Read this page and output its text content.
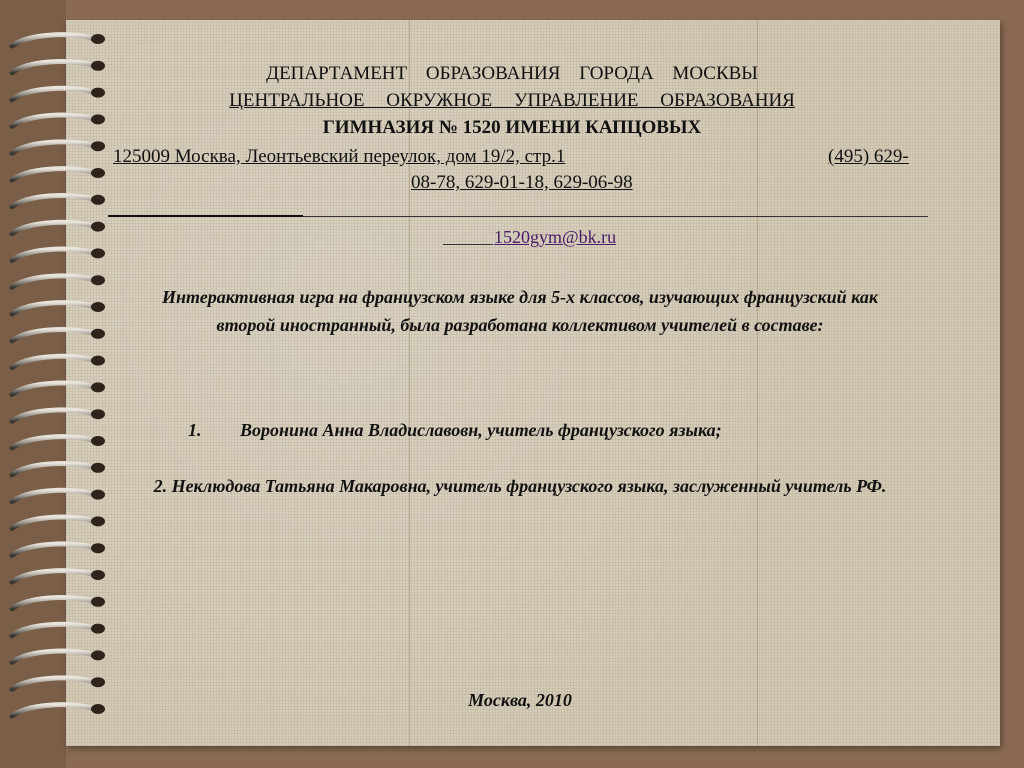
ДЕПАРТАМЕНТ ОБРАЗОВАНИЯ ГОРОДА МОСКВЫ
ЦЕНТРАЛЬНОЕ ОКРУЖНОЕ УПРАВЛЕНИЕ ОБРАЗОВАНИЯ
ГИМНАЗИЯ № 1520 ИМЕНИ КАПЦОВЫХ
125009 Москва, Леонтьевский переулок, дом 19/2, стр.1	(495) 629-
08-78, 629-01-18, 629-06-98
1520gym@bk.ru
Интерактивная игра на французском языке для 5-х классов, изучающих французский как второй иностранный, была разработана коллективом учителей в составе:
1. Воронина Анна Владиславовн, учитель французского языка;
2. Неклюдова Татьяна Макаровна, учитель французского языка, заслуженный учитель РФ.
Москва, 2010
